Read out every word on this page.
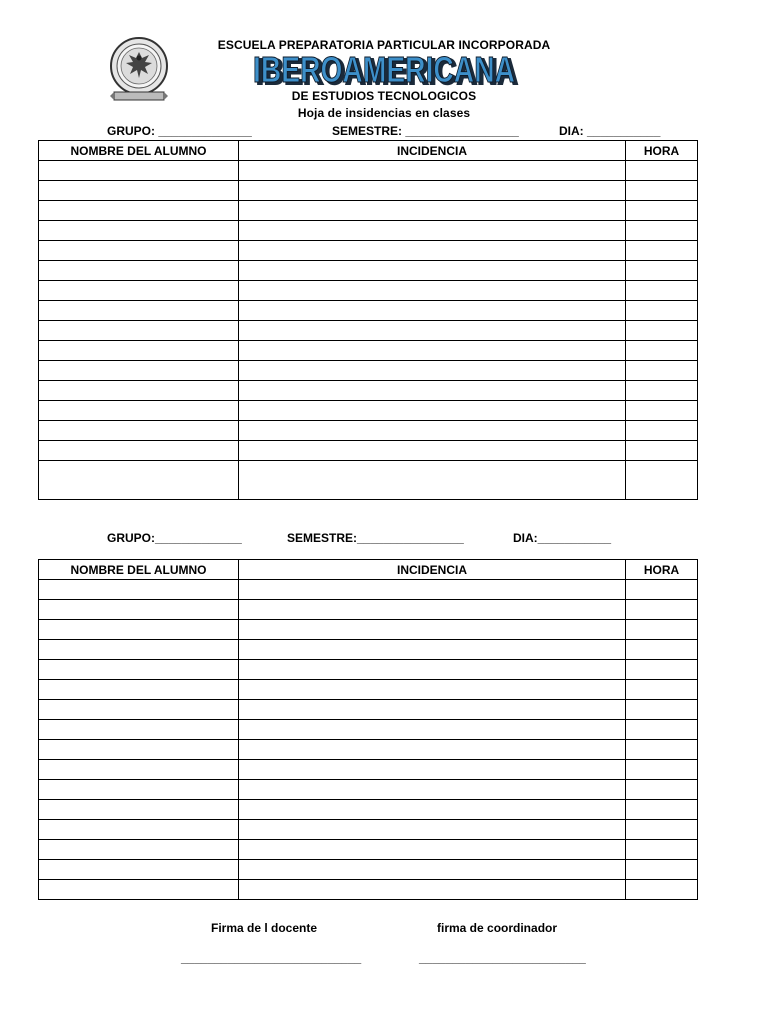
ESCUELA PREPARATORIA PARTICULAR INCORPORADA
IBEROAMERICANA
IBEROAMERICANA
DE ESTUDIOS TECNOLOGICOS
Hoja de insidencias en clases
GRUPO: ______________	SEMESTRE: _________________	DIA: ___________
NOMBRE DEL ALUMNO	INCIDENCIA	HORA

GRUPO:_____________	SEMESTRE:________________	DIA:___________
NOMBRE DEL ALUMNO	INCIDENCIA	HORA

Firma de l docente	firma de coordinador
___________________________	_________________________
